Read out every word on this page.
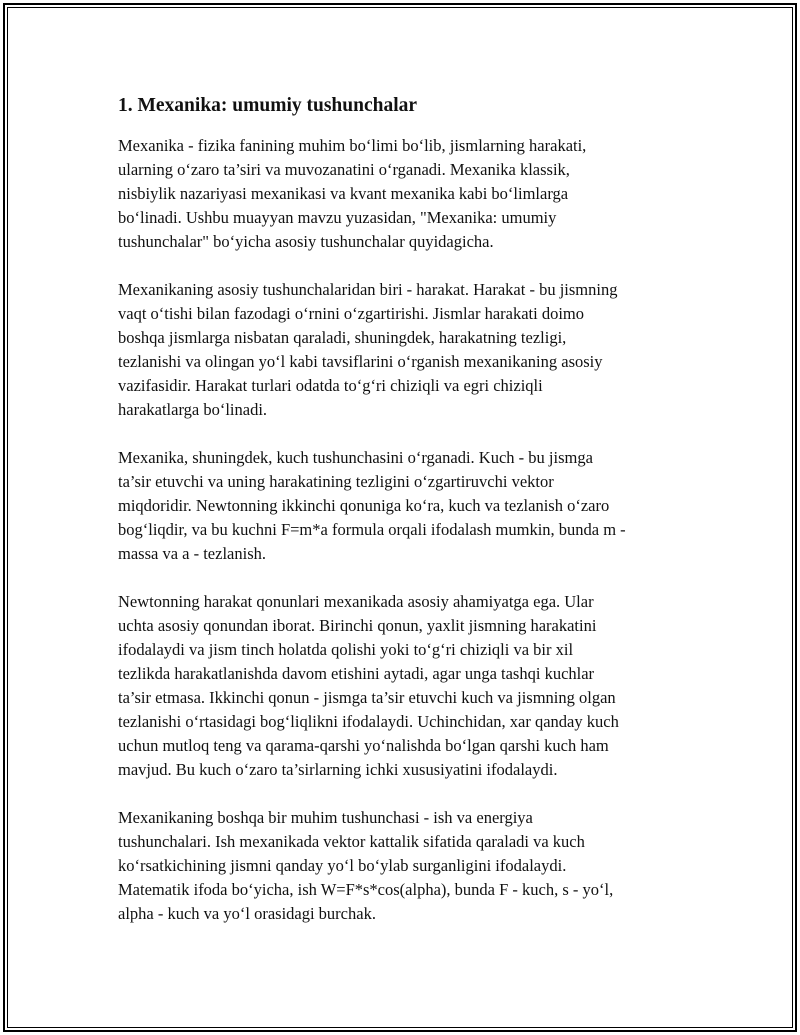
1. Mexanika: umumiy tushunchalar

Mexanika - fizika fanining muhim bo‘limi bo‘lib, jismlarning harakati,
ularning o‘zaro ta’siri va muvozanatini o‘rganadi. Mexanika klassik,
nisbiylik nazariyasi mexanikasi va kvant mexanika kabi bo‘limlarga
bo‘linadi. Ushbu muayyan mavzu yuzasidan, "Mexanika: umumiy
tushunchalar" bo‘yicha asosiy tushunchalar quyidagicha.

Mexanikaning asosiy tushunchalaridan biri - harakat. Harakat - bu jismning
vaqt o‘tishi bilan fazodagi o‘rnini o‘zgartirishi. Jismlar harakati doimo
boshqa jismlarga nisbatan qaraladi, shuningdek, harakatning tezligi,
tezlanishi va olingan yo‘l kabi tavsiflarini o‘rganish mexanikaning asosiy
vazifasidir. Harakat turlari odatda to‘g‘ri chiziqli va egri chiziqli
harakatlarga bo‘linadi.

Mexanika, shuningdek, kuch tushunchasini o‘rganadi. Kuch - bu jismga
ta’sir etuvchi va uning harakatining tezligini o‘zgartiruvchi vektor
miqdoridir. Newtonning ikkinchi qonuniga ko‘ra, kuch va tezlanish o‘zaro
bog‘liqdir, va bu kuchni F=m*a formula orqali ifodalash mumkin, bunda m -
massa va a - tezlanish.

Newtonning harakat qonunlari mexanikada asosiy ahamiyatga ega. Ular
uchta asosiy qonundan iborat. Birinchi qonun, yaxlit jismning harakatini
ifodalaydi va jism tinch holatda qolishi yoki to‘g‘ri chiziqli va bir xil
tezlikda harakatlanishda davom etishini aytadi, agar unga tashqi kuchlar
ta’sir etmasa. Ikkinchi qonun - jismga ta’sir etuvchi kuch va jismning olgan
tezlanishi o‘rtasidagi bog‘liqlikni ifodalaydi. Uchinchidan, xar qanday kuch
uchun mutloq teng va qarama-qarshi yo‘nalishda bo‘lgan qarshi kuch ham
mavjud. Bu kuch o‘zaro ta’sirlarning ichki xususiyatini ifodalaydi.

Mexanikaning boshqa bir muhim tushunchasi - ish va energiya
tushunchalari. Ish mexanikada vektor kattalik sifatida qaraladi va kuch
ko‘rsatkichining jismni qanday yo‘l bo‘ylab surganligini ifodalaydi.
Matematik ifoda bo‘yicha, ish W=F*s*cos(alpha), bunda F - kuch, s - yo‘l,
alpha - kuch va yo‘l orasidagi burchak.
